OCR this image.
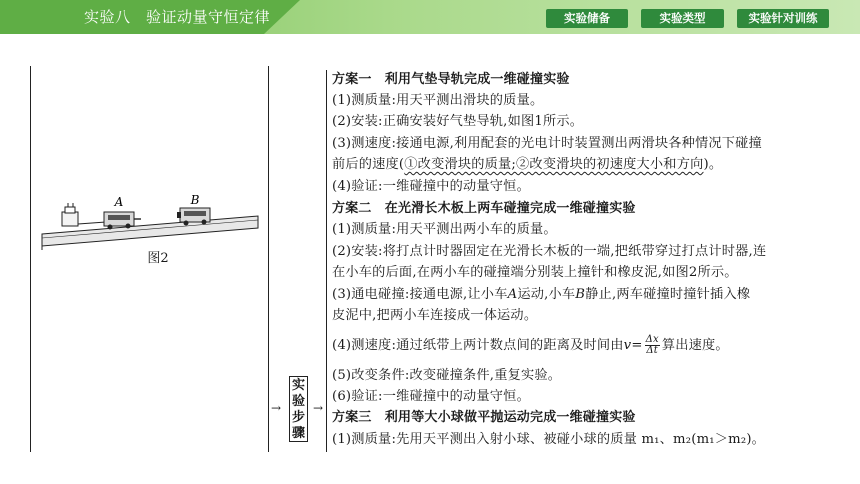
实验八　验证动量守恒定律	实验储备	实验类型	实验针对训练
A	B
图2
→
实
验
步
骤
→
方案一　利用气垫导轨完成一维碰撞实验
(1)测质量:用天平测出滑块的质量。
(2)安装:正确安装好气垫导轨,如图1所示。
(3)测速度:接通电源,利用配套的光电计时装置测出两滑块各种情况下碰撞
前后的速度(①改变滑块的质量;②改变滑块的初速度大小和方向)。
(4)验证:一维碰撞中的动量守恒。
方案二　在光滑长木板上两车碰撞完成一维碰撞实验
(1)测质量:用天平测出两小车的质量。
(2)安装:将打点计时器固定在光滑长木板的一端,把纸带穿过打点计时器,连
在小车的后面,在两小车的碰撞端分别装上撞针和橡皮泥,如图2所示。
(3)通电碰撞:接通电源,让小车A运动,小车B静止,两车碰撞时撞针插入橡
皮泥中,把两小车连接成一体运动。
(4)测速度:通过纸带上两计数点间的距离及时间由$v= \frac{\Delta x}{\Delta t}$ 算出速度。
(5)改变条件:改变碰撞条件,重复实验。
(6)验证:一维碰撞中的动量守恒。
方案三　利用等大小球做平抛运动完成一维碰撞实验
(1)测质量:先用天平测出入射小球、被碰小球的质量 m₁、m₂(m₁＞m₂)。
